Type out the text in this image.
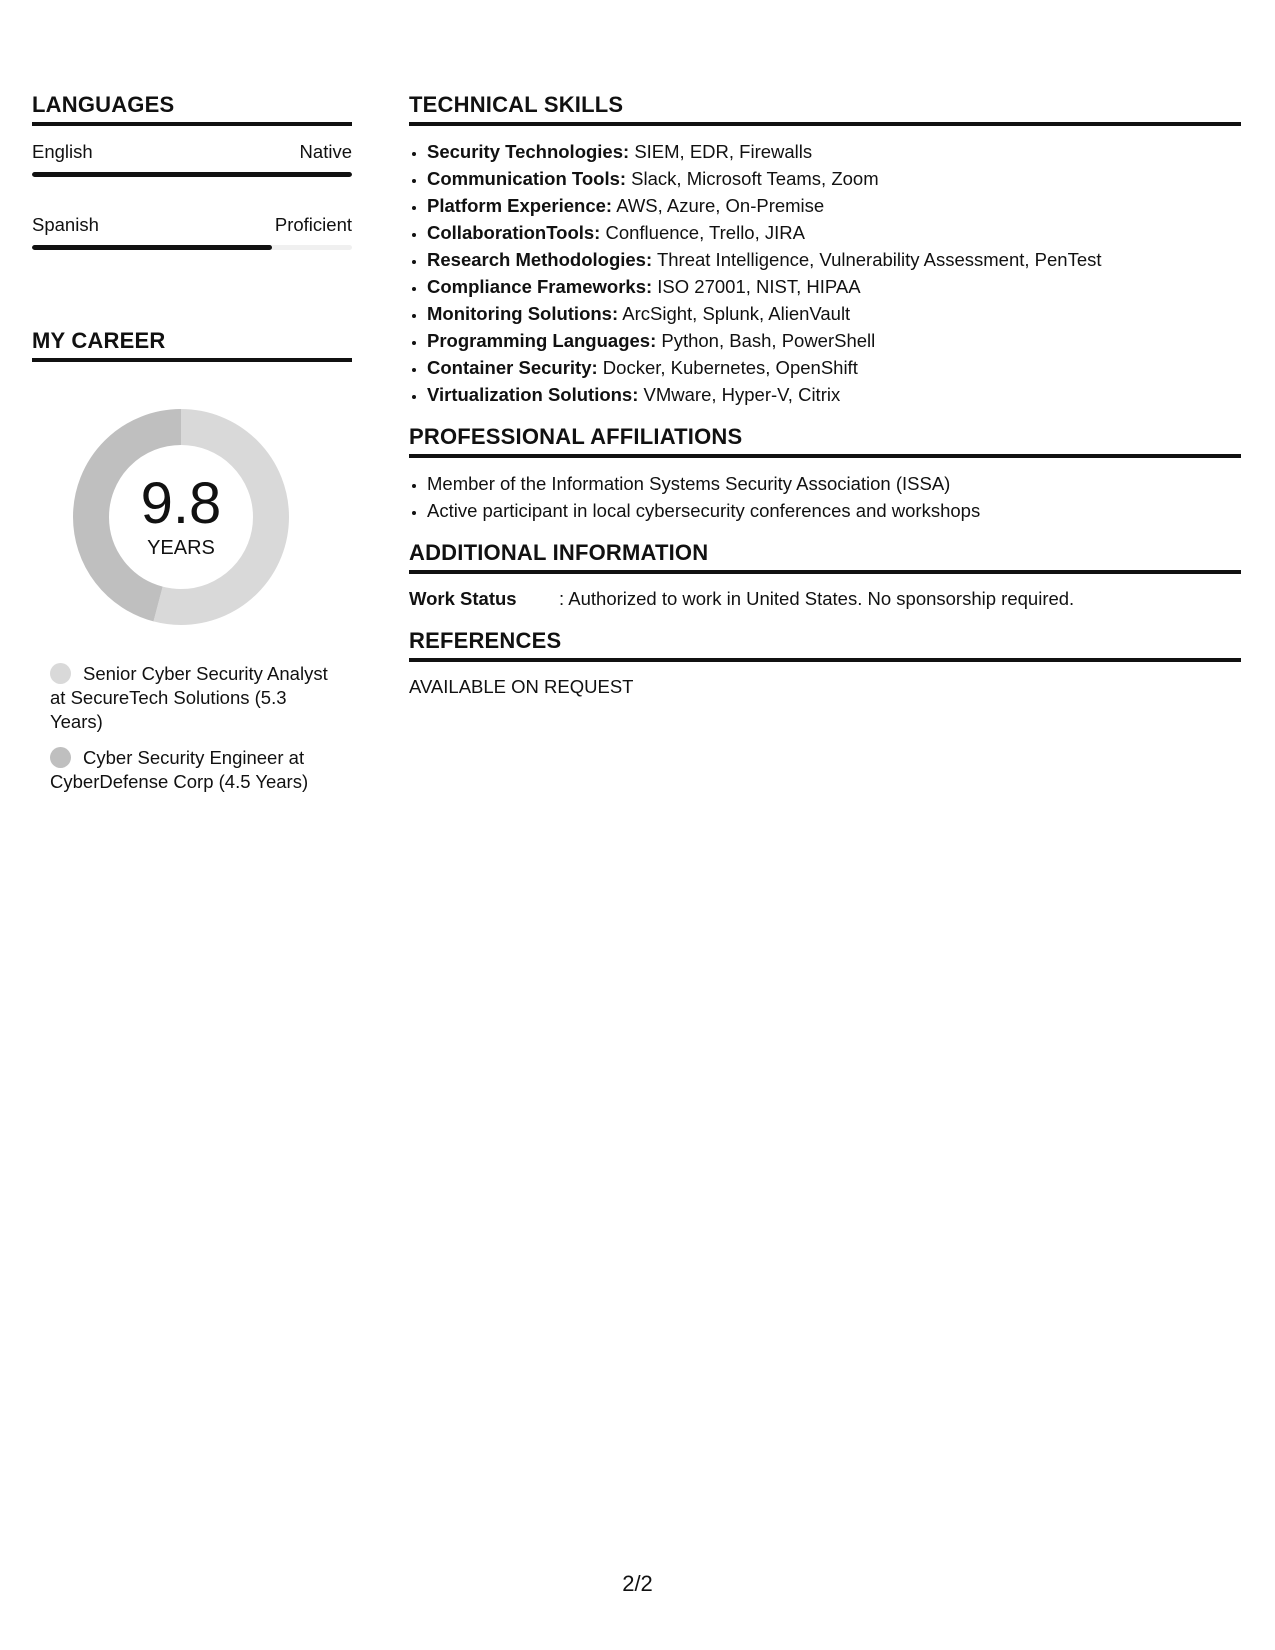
LANGUAGES
English	Native
Spanish	Proficient
MY CAREER
9.8
YEARS
Senior Cyber Security Analyst at SecureTech Solutions (5.3 Years)
Cyber Security Engineer at CyberDefense Corp (4.5 Years)
TECHNICAL SKILLS
• Security Technologies: SIEM, EDR, Firewalls
• Communication Tools: Slack, Microsoft Teams, Zoom
• Platform Experience: AWS, Azure, On-Premise
• CollaborationTools: Confluence, Trello, JIRA
• Research Methodologies: Threat Intelligence, Vulnerability Assessment, PenTest
• Compliance Frameworks: ISO 27001, NIST, HIPAA
• Monitoring Solutions: ArcSight, Splunk, AlienVault
• Programming Languages: Python, Bash, PowerShell
• Container Security: Docker, Kubernetes, OpenShift
• Virtualization Solutions: VMware, Hyper-V, Citrix
PROFESSIONAL AFFILIATIONS
• Member of the Information Systems Security Association (ISSA)
• Active participant in local cybersecurity conferences and workshops
ADDITIONAL INFORMATION
Work Status	: Authorized to work in United States. No sponsorship required.
REFERENCES
AVAILABLE ON REQUEST
2/2
